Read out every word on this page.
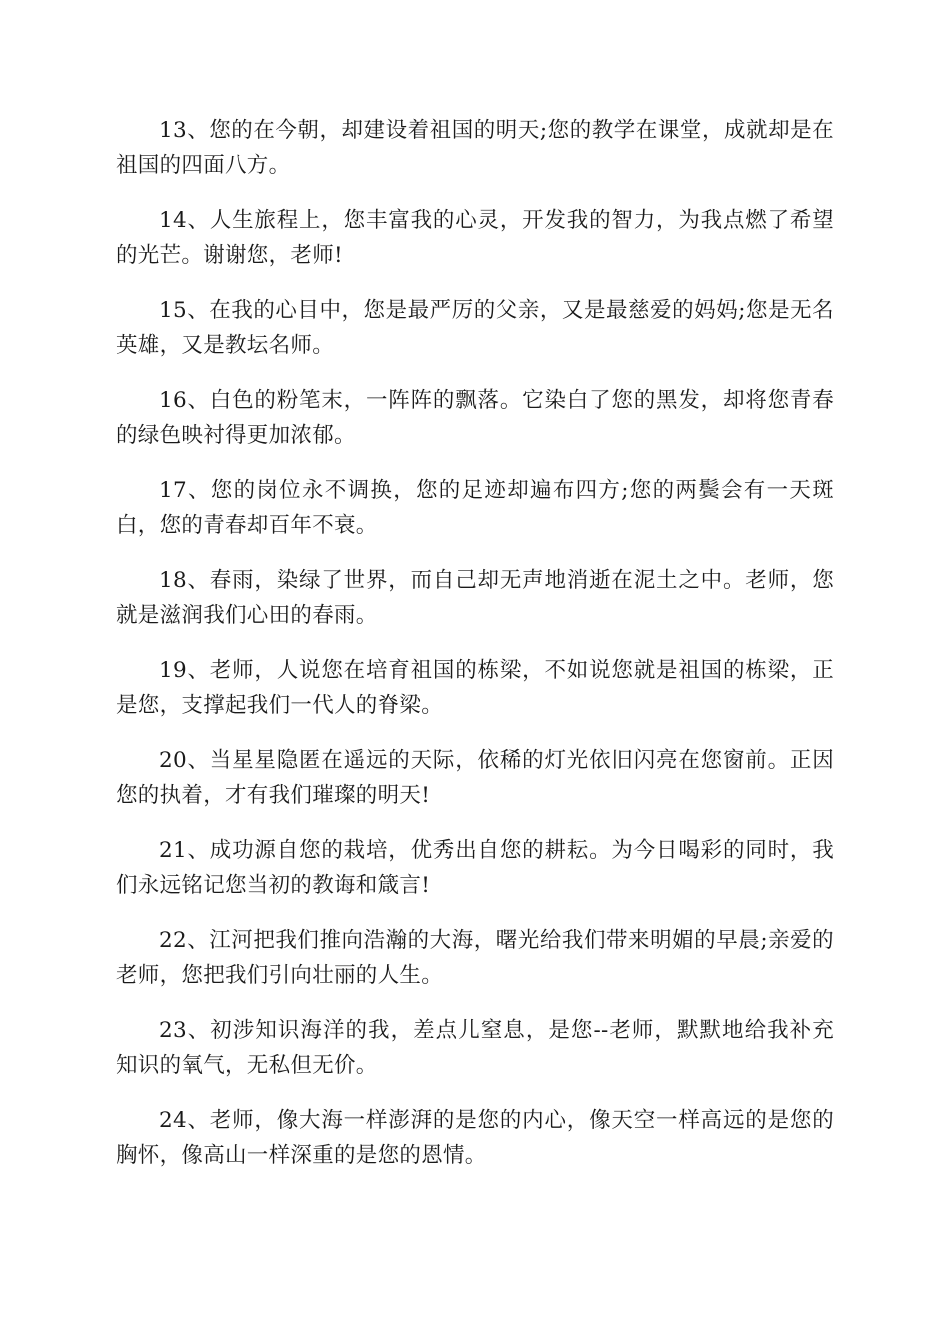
13、您的在今朝，却建设着祖国的明天;您的教学在课堂，成就却是在祖国的四面八方。

14、人生旅程上，您丰富我的心灵，开发我的智力，为我点燃了希望的光芒。谢谢您，老师!

15、在我的心目中，您是最严厉的父亲，又是最慈爱的妈妈;您是无名英雄，又是教坛名师。

16、白色的粉笔末，一阵阵的飘落。它染白了您的黑发，却将您青春的绿色映衬得更加浓郁。

17、您的岗位永不调换，您的足迹却遍布四方;您的两鬓会有一天斑白，您的青春却百年不衰。

18、春雨，染绿了世界，而自己却无声地消逝在泥土之中。老师，您就是滋润我们心田的春雨。

19、老师，人说您在培育祖国的栋梁，不如说您就是祖国的栋梁，正是您，支撑起我们一代人的脊梁。

20、当星星隐匿在遥远的天际，依稀的灯光依旧闪亮在您窗前。正因您的执着，才有我们璀璨的明天!

21、成功源自您的栽培，优秀出自您的耕耘。为今日喝彩的同时，我们永远铭记您当初的教诲和箴言!

22、江河把我们推向浩瀚的大海，曙光给我们带来明媚的早晨;亲爱的老师，您把我们引向壮丽的人生。

23、初涉知识海洋的我，差点儿窒息，是您--老师，默默地给我补充知识的氧气，无私但无价。

24、老师，像大海一样澎湃的是您的内心，像天空一样高远的是您的胸怀，像高山一样深重的是您的恩情。
